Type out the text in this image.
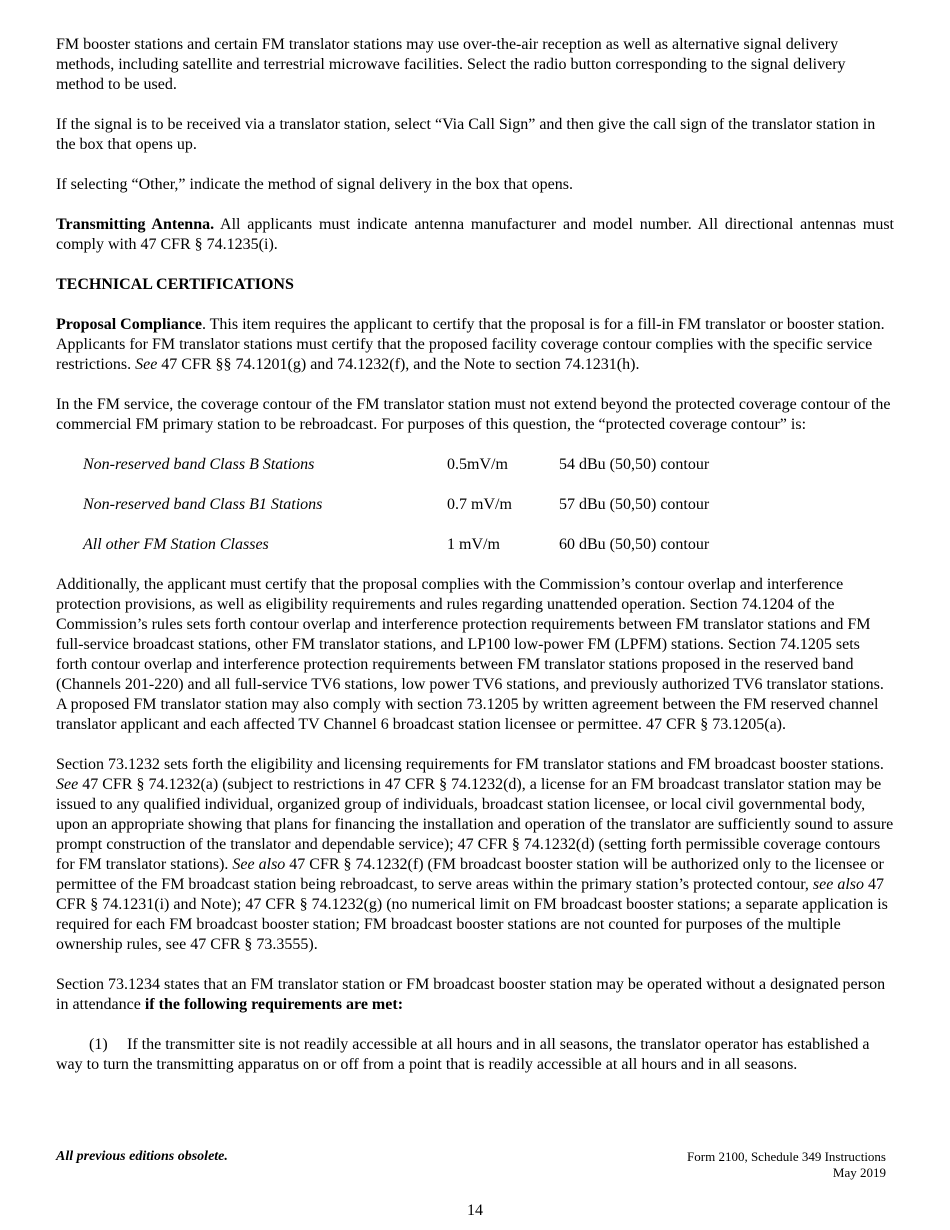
FM booster stations and certain FM translator stations may use over-the-air reception as well as alternative signal delivery methods, including satellite and terrestrial microwave facilities. Select the radio button corresponding to the signal delivery method to be used.

If the signal is to be received via a translator station, select “Via Call Sign” and then give the call sign of the translator station in the box that opens up.

If selecting “Other,” indicate the method of signal delivery in the box that opens.

Transmitting Antenna. All applicants must indicate antenna manufacturer and model number. All directional antennas must comply with 47 CFR § 74.1235(i).

TECHNICAL CERTIFICATIONS

Proposal Compliance. This item requires the applicant to certify that the proposal is for a fill-in FM translator or booster station. Applicants for FM translator stations must certify that the proposed facility coverage contour complies with the specific service restrictions. See 47 CFR §§ 74.1201(g) and 74.1232(f), and the Note to section 74.1231(h).

In the FM service, the coverage contour of the FM translator station must not extend beyond the protected coverage contour of the commercial FM primary station to be rebroadcast. For purposes of this question, the “protected coverage contour” is:

Non-reserved band Class B Stations	0.5mV/m	54 dBu (50,50) contour
Non-reserved band Class B1 Stations	0.7 mV/m	57 dBu (50,50) contour
All other FM Station Classes	1 mV/m	60 dBu (50,50) contour

Additionally, the applicant must certify that the proposal complies with the Commission’s contour overlap and interference protection provisions, as well as eligibility requirements and rules regarding unattended operation. Section 74.1204 of the Commission’s rules sets forth contour overlap and interference protection requirements between FM translator stations and FM full-service broadcast stations, other FM translator stations, and LP100 low-power FM (LPFM) stations. Section 74.1205 sets forth contour overlap and interference protection requirements between FM translator stations proposed in the reserved band (Channels 201-220) and all full-service TV6 stations, low power TV6 stations, and previously authorized TV6 translator stations. A proposed FM translator station may also comply with section 73.1205 by written agreement between the FM reserved channel translator applicant and each affected TV Channel 6 broadcast station licensee or permittee. 47 CFR § 73.1205(a).

Section 73.1232 sets forth the eligibility and licensing requirements for FM translator stations and FM broadcast booster stations. See 47 CFR § 74.1232(a) (subject to restrictions in 47 CFR § 74.1232(d), a license for an FM broadcast translator station may be issued to any qualified individual, organized group of individuals, broadcast station licensee, or local civil governmental body, upon an appropriate showing that plans for financing the installation and operation of the translator are sufficiently sound to assure prompt construction of the translator and dependable service); 47 CFR § 74.1232(d) (setting forth permissible coverage contours for FM translator stations). See also 47 CFR § 74.1232(f) (FM broadcast booster station will be authorized only to the licensee or permittee of the FM broadcast station being rebroadcast, to serve areas within the primary station’s protected contour, see also 47 CFR § 74.1231(i) and Note); 47 CFR § 74.1232(g) (no numerical limit on FM broadcast booster stations; a separate application is required for each FM broadcast booster station; FM broadcast booster stations are not counted for purposes of the multiple ownership rules, see 47 CFR § 73.3555).

Section 73.1234 states that an FM translator station or FM broadcast booster station may be operated without a designated person in attendance if the following requirements are met:

(1) If the transmitter site is not readily accessible at all hours and in all seasons, the translator operator has established a way to turn the transmitting apparatus on or off from a point that is readily accessible at all hours and in all seasons.

All previous editions obsolete.	Form 2100, Schedule 349 Instructions
May 2019
14
